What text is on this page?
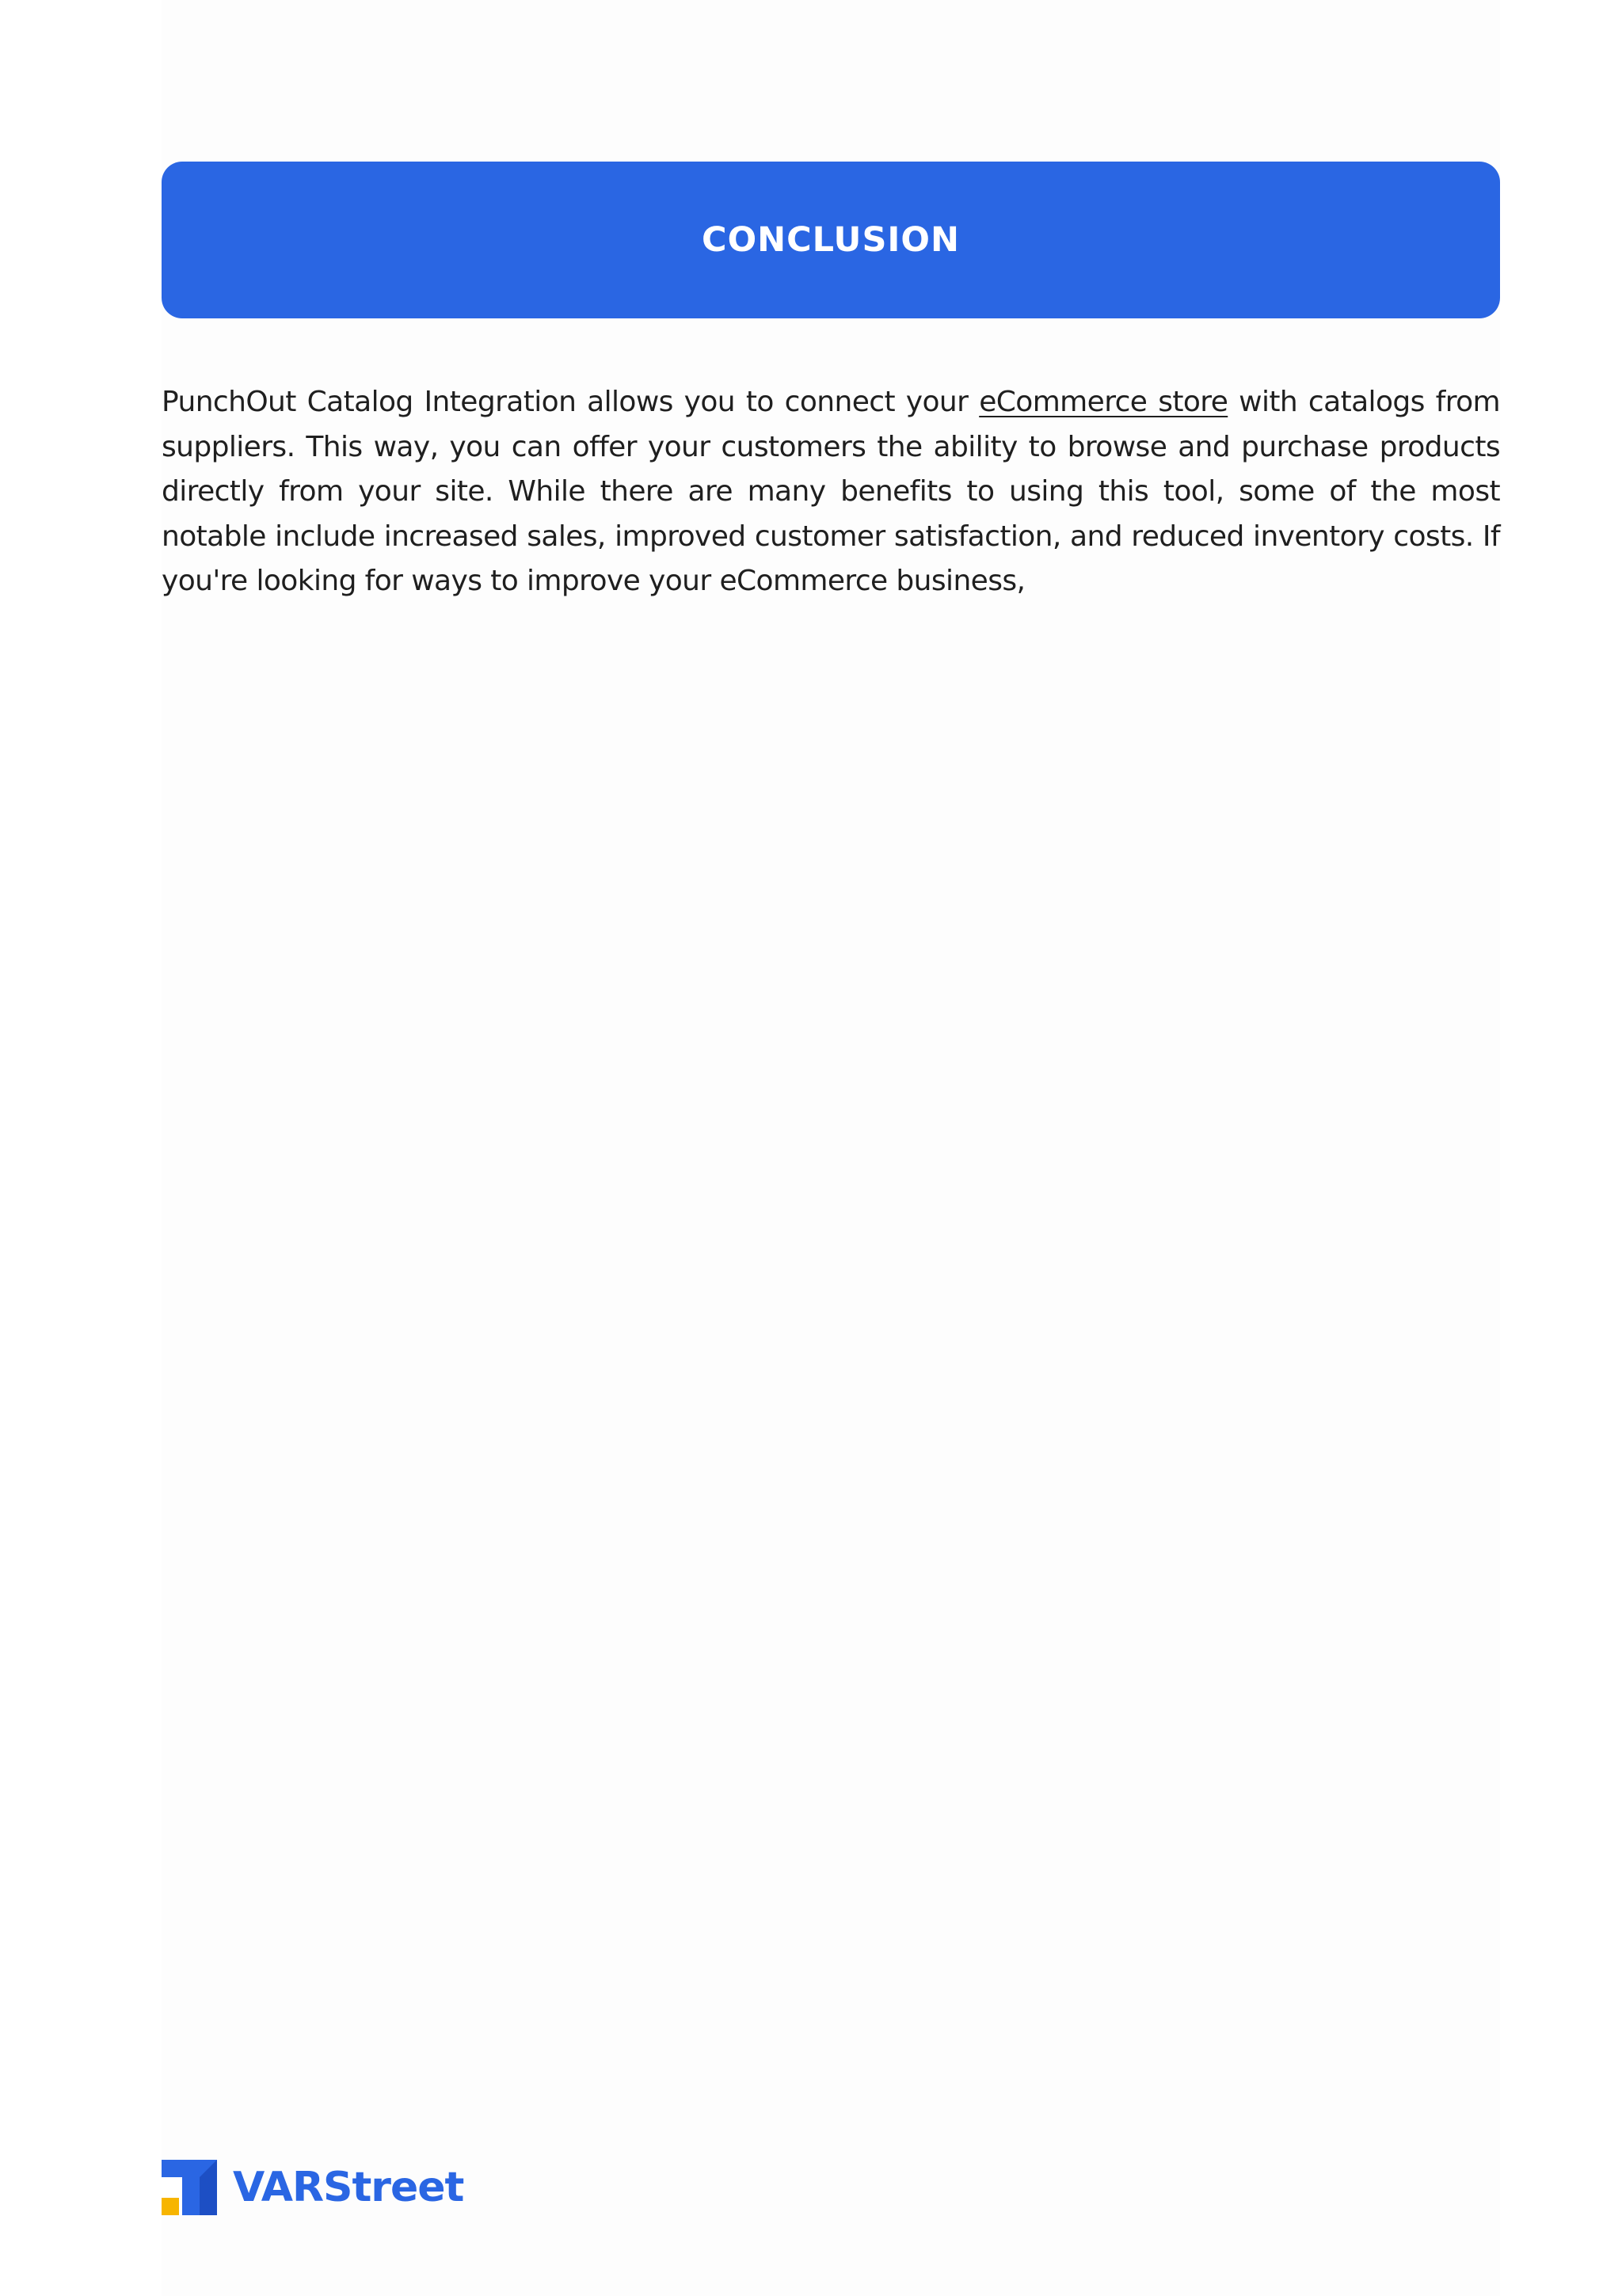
CONCLUSION

PunchOut Catalog Integration allows you to connect your eCommerce store with catalogs from suppliers. This way, you can offer your customers the ability to browse and purchase products directly from your site. While there are many benefits to using this tool, some of the most notable include increased sales, improved customer satisfaction, and reduced inventory costs. If you're looking for ways to improve your eCommerce business,

VARStreet
